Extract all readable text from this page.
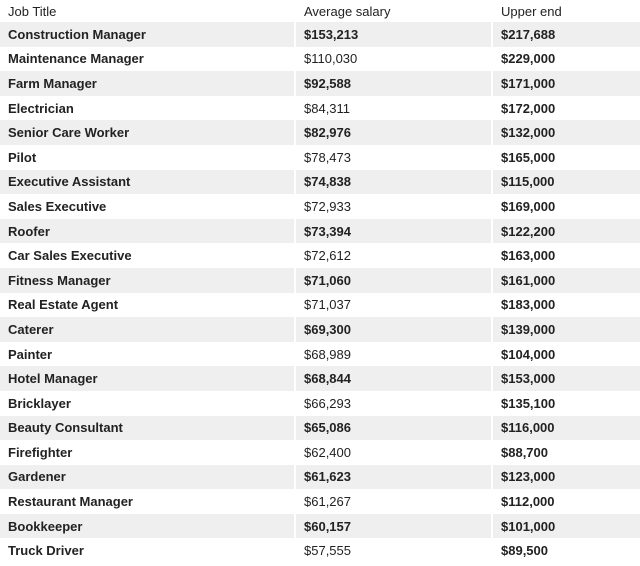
Job Title	Average salary	Upper end
Construction Manager	$153,213	$217,688
Maintenance Manager	$110,030	$229,000
Farm Manager	$92,588	$171,000
Electrician	$84,311	$172,000
Senior Care Worker	$82,976	$132,000
Pilot	$78,473	$165,000
Executive Assistant	$74,838	$115,000
Sales Executive	$72,933	$169,000
Roofer	$73,394	$122,200
Car Sales Executive	$72,612	$163,000
Fitness Manager	$71,060	$161,000
Real Estate Agent	$71,037	$183,000
Caterer	$69,300	$139,000
Painter	$68,989	$104,000
Hotel Manager	$68,844	$153,000
Bricklayer	$66,293	$135,100
Beauty Consultant	$65,086	$116,000
Firefighter	$62,400	$88,700
Gardener	$61,623	$123,000
Restaurant Manager	$61,267	$112,000
Bookkeeper	$60,157	$101,000
Truck Driver	$57,555	$89,500
